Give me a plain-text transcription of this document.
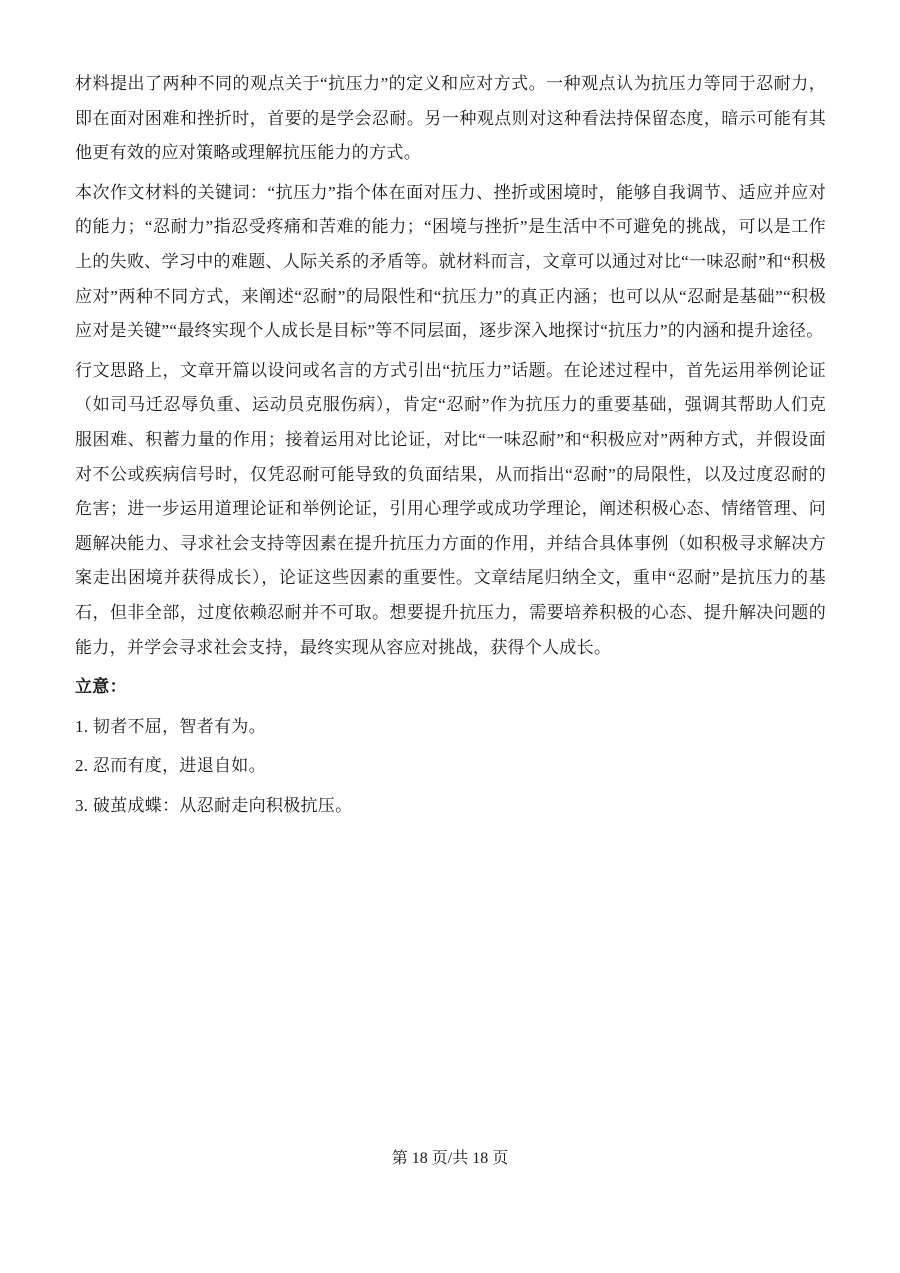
材料提出了两种不同的观点关于“抗压力”的定义和应对方式。一种观点认为抗压力等同于忍耐力，即在面对困难和挫折时，首要的是学会忍耐。另一种观点则对这种看法持保留态度，暗示可能有其他更有效的应对策略或理解抗压能力的方式。

本次作文材料的关键词：“抗压力”指个体在面对压力、挫折或困境时，能够自我调节、适应并应对的能力；“忍耐力”指忍受疼痛和苦难的能力；“困境与挫折”是生活中不可避免的挑战，可以是工作上的失败、学习中的难题、人际关系的矛盾等。就材料而言，文章可以通过对比“一味忍耐”和“积极应对”两种不同方式，来阐述“忍耐”的局限性和“抗压力”的真正内涵；也可以从“忍耐是基础”“积极应对是关键”“最终实现个人成长是目标”等不同层面，逐步深入地探讨“抗压力”的内涵和提升途径。

行文思路上，文章开篇以设问或名言的方式引出“抗压力”话题。在论述过程中，首先运用举例论证（如司马迁忍辱负重、运动员克服伤病），肯定“忍耐”作为抗压力的重要基础，强调其帮助人们克服困难、积蓄力量的作用；接着运用对比论证，对比“一味忍耐”和“积极应对”两种方式，并假设面对不公或疾病信号时，仅凭忍耐可能导致的负面结果，从而指出“忍耐”的局限性，以及过度忍耐的危害；进一步运用道理论证和举例论证，引用心理学或成功学理论，阐述积极心态、情绪管理、问题解决能力、寻求社会支持等因素在提升抗压力方面的作用，并结合具体事例（如积极寻求解决方案走出困境并获得成长），论证这些因素的重要性。文章结尾归纳全文，重申“忍耐”是抗压力的基石，但非全部，过度依赖忍耐并不可取。想要提升抗压力，需要培养积极的心态、提升解决问题的能力，并学会寻求社会支持，最终实现从容应对挑战，获得个人成长。

立意：

1. 韧者不屈，智者有为。

2. 忍而有度，进退自如。

3. 破茧成蝶：从忍耐走向积极抗压。

第 18 页/共 18 页
